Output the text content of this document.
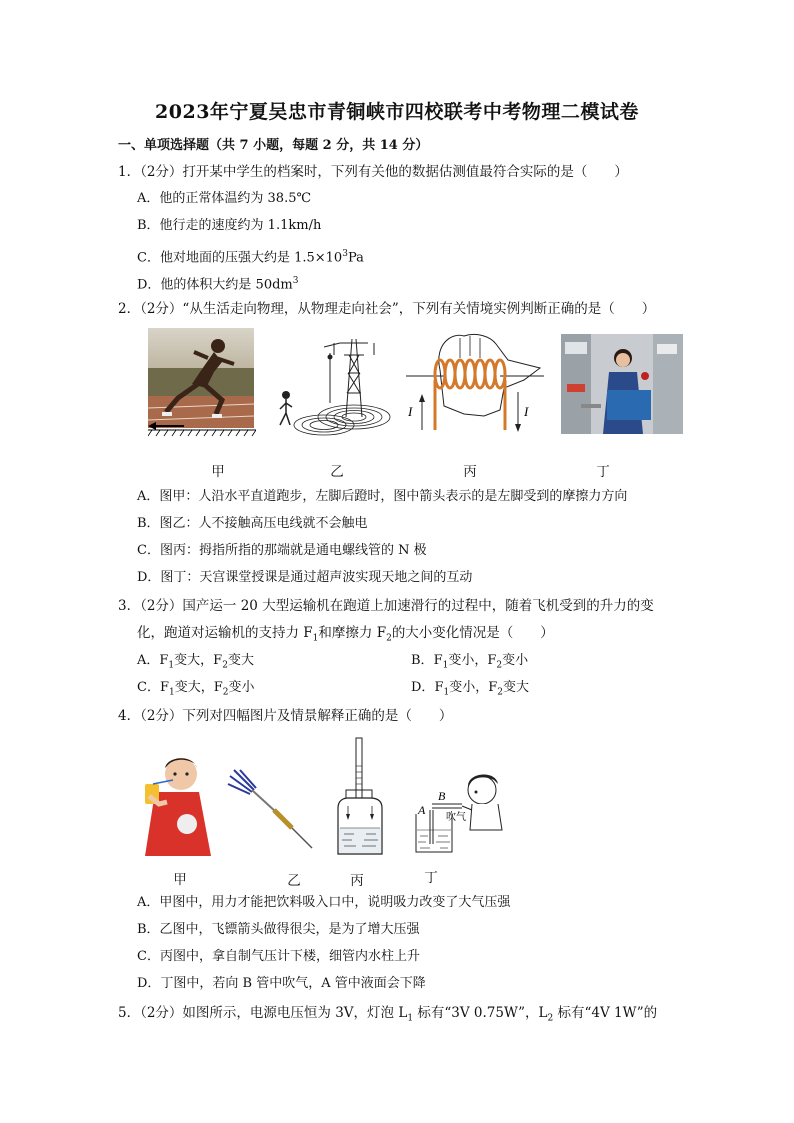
2023年宁夏吴忠市青铜峡市四校联考中考物理二模试卷
一、单项选择题（共 7 小题，每题 2 分，共 14 分）
1．（2分）打开某中学生的档案时，下列有关他的数据估测值最符合实际的是（　　）
A．他的正常体温约为 38.5℃
B．他行走的速度约为 1.1km/h
C．他对地面的压强大约是 $1.5\times 10^3Pa$
D．他的体积大约是 $50dm^3$
2．（2分）“从生活走向物理，从物理走向社会”，下列有关情境实例判断正确的是（　　）
I	I
甲	乙	丙	丁
A．图甲：人沿水平直道跑步，左脚后蹬时，图中箭头表示的是左脚受到的摩擦力方向
B．图乙：人不接触高压电线就不会触电
C．图丙：拇指所指的那端就是通电螺线管的 N 极
D．图丁：天宫课堂授课是通过超声波实现天地之间的互动
3．（2分）国产运一 20 大型运输机在跑道上加速滑行的过程中，随着飞机受到的升力的变
化，跑道对运输机的支持力 $F_1$和摩擦力 $F_2$的大小变化情况是（　　）
A．$F_1$变大，$F_2$变大	B．$F_1$变小，$F_2$变小
C．$F_1$变大，$F_2$变小	D．$F_1$变小，$F_2$变大
4．（2分）下列对四幅图片及情景解释正确的是（　　）
A
B
吹气
甲	乙	丙	丁
A．甲图中，用力才能把饮料吸入口中，说明吸力改变了大气压强
B．乙图中，飞镖箭头做得很尖，是为了增大压强
C．丙图中，拿自制气压计下楼，细管内水柱上升
D．丁图中，若向 B 管中吹气，A 管中液面会下降
5．（2分）如图所示，电源电压恒为 3V，灯泡 $L_1$ 标有“3V 0.75W”，$L_2$ 标有“4V 1W”的
